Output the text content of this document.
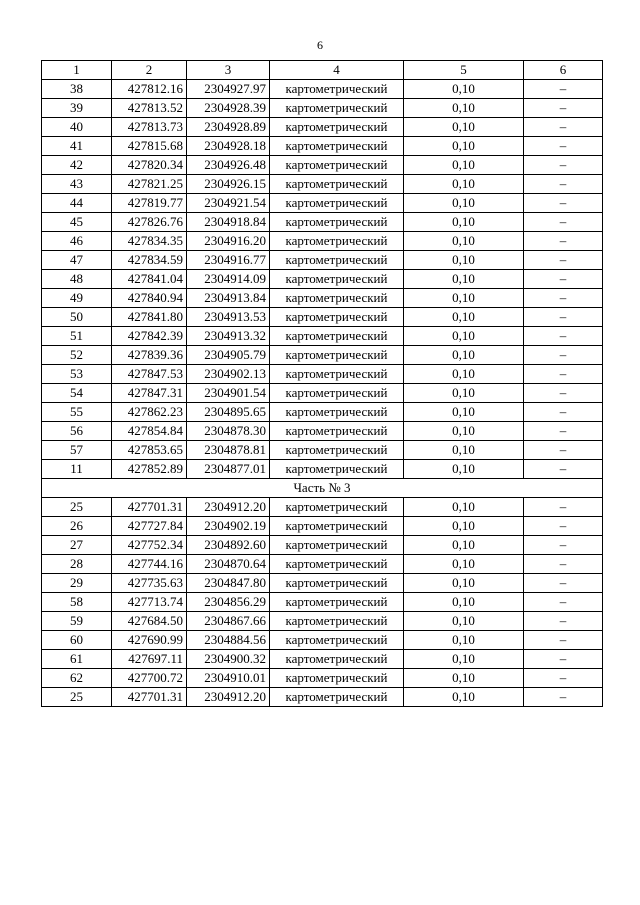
6
1	2	3	4	5	6
38	427812.16	2304927.97	картометрический	0,10	–
39	427813.52	2304928.39	картометрический	0,10	–
40	427813.73	2304928.89	картометрический	0,10	–
41	427815.68	2304928.18	картометрический	0,10	–
42	427820.34	2304926.48	картометрический	0,10	–
43	427821.25	2304926.15	картометрический	0,10	–
44	427819.77	2304921.54	картометрический	0,10	–
45	427826.76	2304918.84	картометрический	0,10	–
46	427834.35	2304916.20	картометрический	0,10	–
47	427834.59	2304916.77	картометрический	0,10	–
48	427841.04	2304914.09	картометрический	0,10	–
49	427840.94	2304913.84	картометрический	0,10	–
50	427841.80	2304913.53	картометрический	0,10	–
51	427842.39	2304913.32	картометрический	0,10	–
52	427839.36	2304905.79	картометрический	0,10	–
53	427847.53	2304902.13	картометрический	0,10	–
54	427847.31	2304901.54	картометрический	0,10	–
55	427862.23	2304895.65	картометрический	0,10	–
56	427854.84	2304878.30	картометрический	0,10	–
57	427853.65	2304878.81	картометрический	0,10	–
11	427852.89	2304877.01	картометрический	0,10	–
Часть № 3					
25	427701.31	2304912.20	картометрический	0,10	–
26	427727.84	2304902.19	картометрический	0,10	–
27	427752.34	2304892.60	картометрический	0,10	–
28	427744.16	2304870.64	картометрический	0,10	–
29	427735.63	2304847.80	картометрический	0,10	–
58	427713.74	2304856.29	картометрический	0,10	–
59	427684.50	2304867.66	картометрический	0,10	–
60	427690.99	2304884.56	картометрический	0,10	–
61	427697.11	2304900.32	картометрический	0,10	–
62	427700.72	2304910.01	картометрический	0,10	–
25	427701.31	2304912.20	картометрический	0,10	–
